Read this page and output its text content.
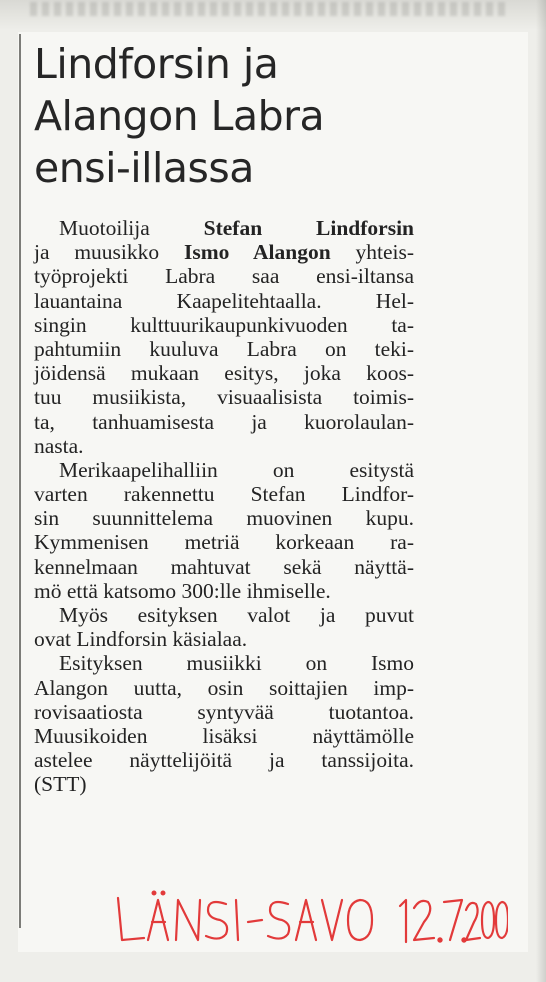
Lindforsin ja
Alangon Labra
ensi-illassa
Muotoilija Stefan Lindforsin
ja muusikko Ismo Alangon yhteis-
työprojekti Labra saa ensi-iltansa
lauantaina Kaapelitehtaalla. Hel-
singin kulttuurikaupunkivuoden ta-
pahtumiin kuuluva Labra on teki-
jöidensä mukaan esitys, joka koos-
tuu musiikista, visuaalisista toimis-
ta, tanhuamisesta ja kuorolaulan-
nasta.
Merikaapelihalliin on esitystä
varten rakennettu Stefan Lindfor-
sin suunnittelema muovinen kupu.
Kymmenisen metriä korkeaan ra-
kennelmaan mahtuvat sekä näyttä-
mö että katsomo 300:lle ihmiselle.
Myös esityksen valot ja puvut
ovat Lindforsin käsialaa.
Esityksen musiikki on Ismo
Alangon uutta, osin soittajien imp-
rovisaatiosta syntyvää tuotantoa.
Muusikoiden lisäksi näyttämölle
astelee näyttelijöitä ja tanssijoita.
(STT)
